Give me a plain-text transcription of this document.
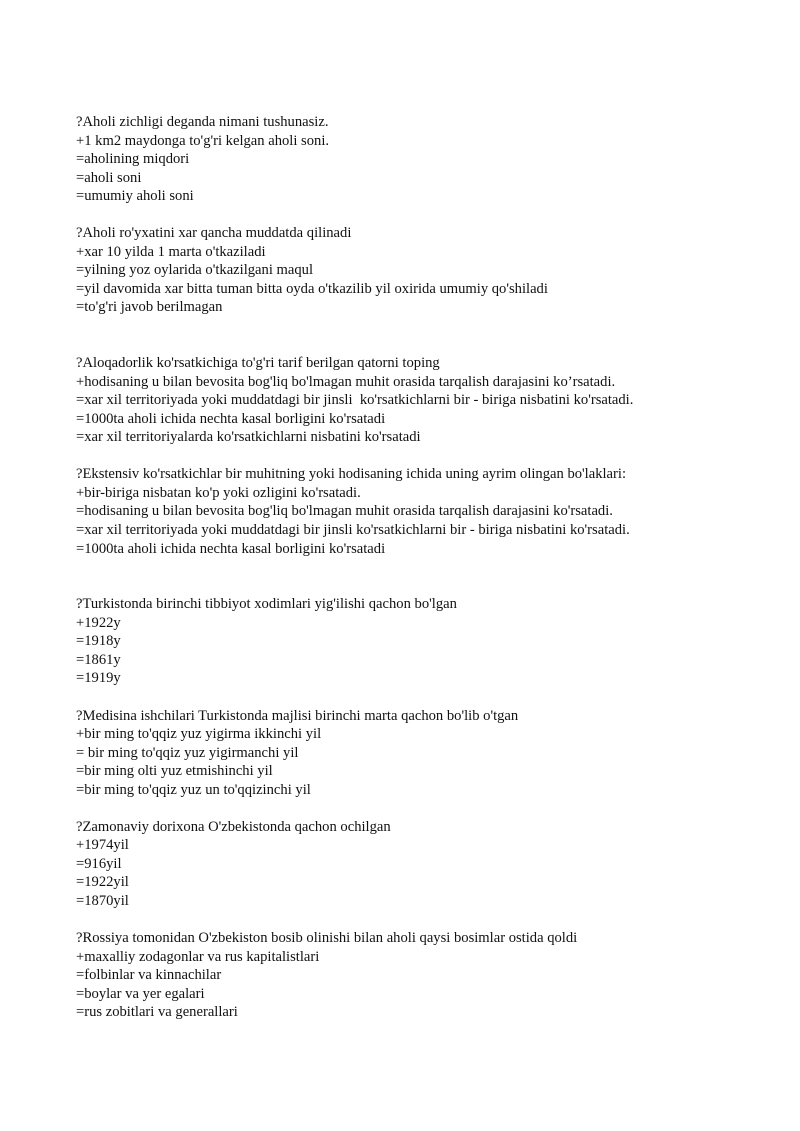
?Aholi zichligi deganda nimani tushunasiz.
+1 km2 maydonga to'g'ri kelgan aholi soni.
=aholining miqdori
=aholi soni
=umumiy aholi soni
?Aholi ro'yxatini xar qancha muddatda qilinadi
+xar 10 yilda 1 marta o'tkaziladi
=yilning yoz oylarida o'tkazilgani maqul
=yil davomida xar bitta tuman bitta oyda o'tkazilib yil oxirida umumiy qo'shiladi
=to'g'ri javob berilmagan
?Aloqadorlik ko'rsatkichiga to'g'ri tarif berilgan qatorni toping
+hodisaning u bilan bevosita bog'liq bo'lmagan muhit orasida tarqalish darajasini ko’rsatadi.
=xar xil territoriyada yoki muddatdagi bir jinsli  ko'rsatkichlarni bir - biriga nisbatini ko'rsatadi.
=1000ta aholi ichida nechta kasal borligini ko'rsatadi
=xar xil territoriyalarda ko'rsatkichlarni nisbatini ko'rsatadi
?Ekstensiv ko'rsatkichlar bir muhitning yoki hodisaning ichida uning ayrim olingan bo'laklari:
+bir-biriga nisbatan ko'p yoki ozligini ko'rsatadi.
=hodisaning u bilan bevosita bog'liq bo'lmagan muhit orasida tarqalish darajasini ko'rsatadi.
=xar xil territoriyada yoki muddatdagi bir jinsli ko'rsatkichlarni bir - biriga nisbatini ko'rsatadi.
=1000ta aholi ichida nechta kasal borligini ko'rsatadi
?Turkistonda birinchi tibbiyot xodimlari yig'ilishi qachon bo'lgan
+1922y
=1918y
=1861y
=1919y
?Medisina ishchilari Turkistonda majlisi birinchi marta qachon bo'lib o'tgan
+bir ming to'qqiz yuz yigirma ikkinchi yil
= bir ming to'qqiz yuz yigirmanchi yil
=bir ming olti yuz etmishinchi yil
=bir ming to'qqiz yuz un to'qqizinchi yil
?Zamonaviy dorixona O'zbekistonda qachon ochilgan
+1974yil
=916yil
=1922yil
=1870yil
?Rossiya tomonidan O'zbekiston bosib olinishi bilan aholi qaysi bosimlar ostida qoldi
+maxalliy zodagonlar va rus kapitalistlari
=folbinlar va kinnachilar
=boylar va yer egalari
=rus zobitlari va generallari
